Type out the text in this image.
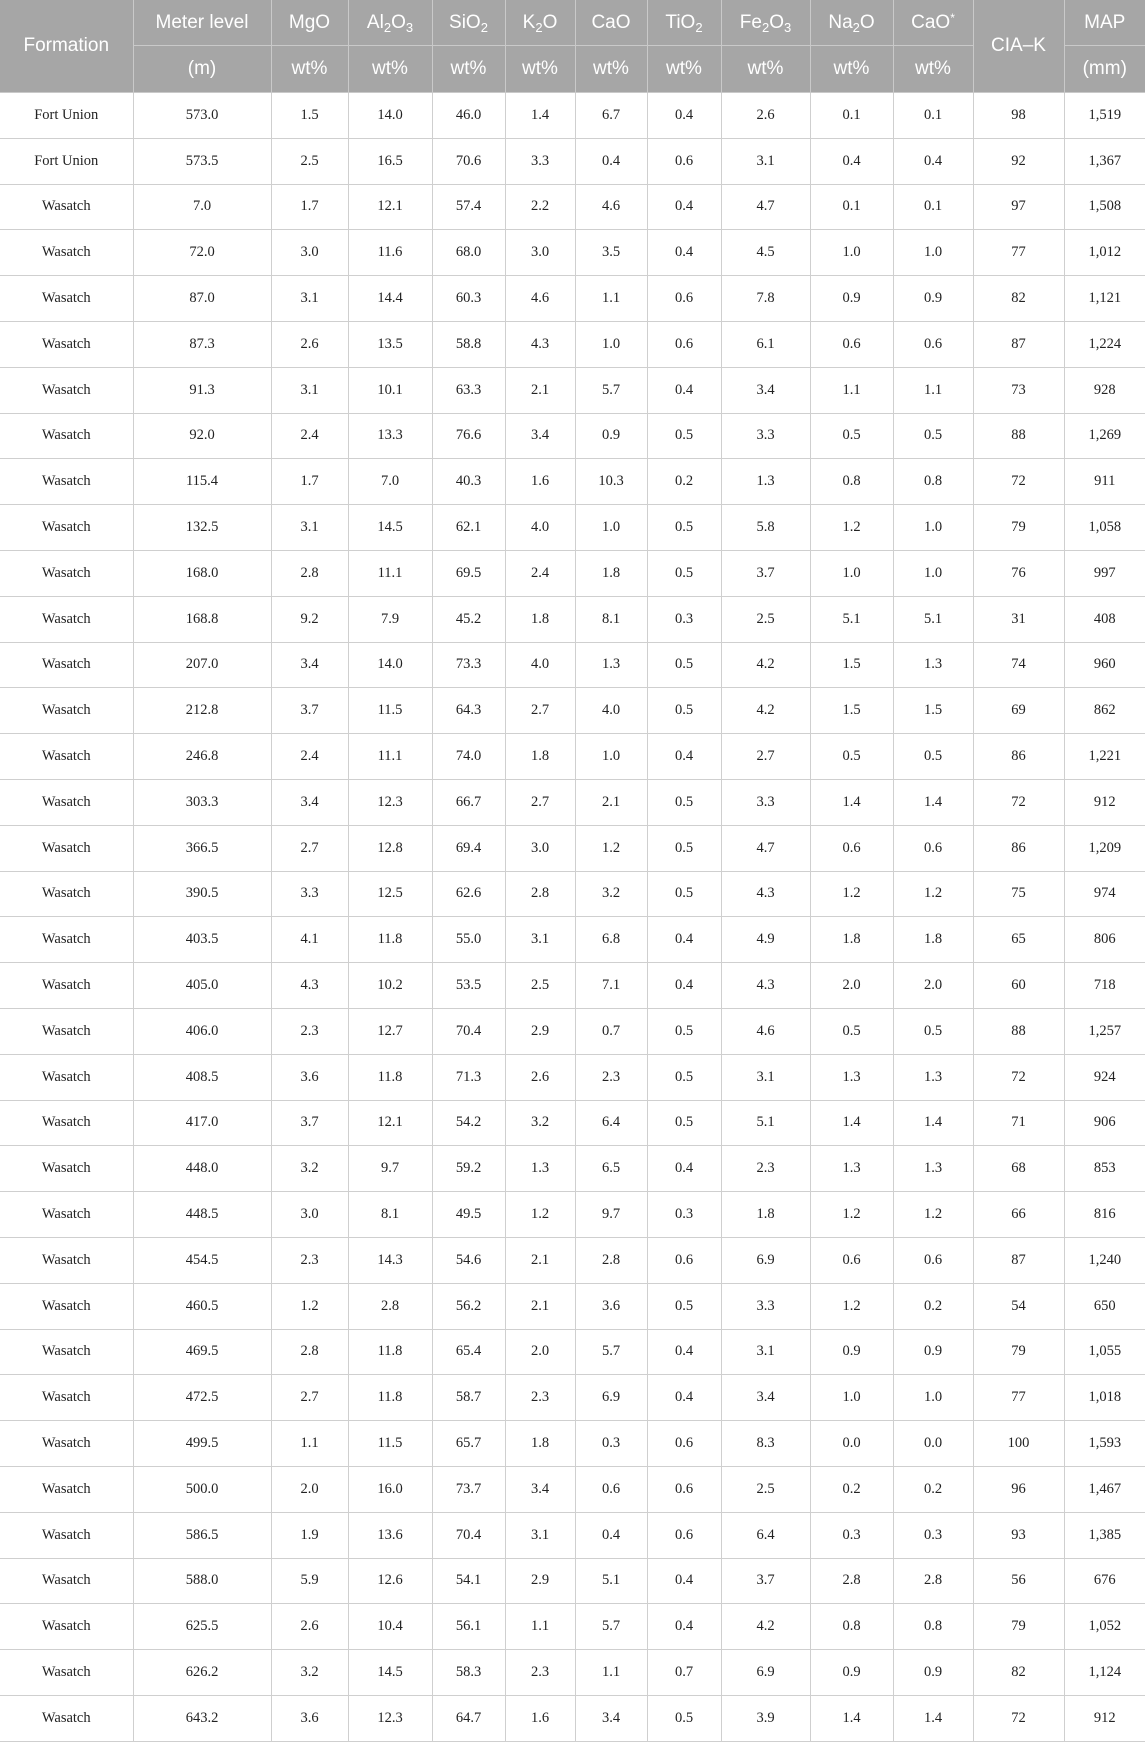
Formation	Meter level	MgO	$Al_2O_3$	SiO$_2$	$K_2O$	CaO	TiO$_2$	$Fe_2O_3$	$Na_2O$	CaO*	CIA–K	MAP
	(m)	wt%	wt%	wt%	wt%	wt%	wt%	wt%	wt%	wt%		(mm)
Fort Union	573.0	1.5	14.0	46.0	1.4	6.7	0.4	2.6	0.1	0.1	98	1,519
Fort Union	573.5	2.5	16.5	70.6	3.3	0.4	0.6	3.1	0.4	0.4	92	1,367
Wasatch	7.0	1.7	12.1	57.4	2.2	4.6	0.4	4.7	0.1	0.1	97	1,508
Wasatch	72.0	3.0	11.6	68.0	3.0	3.5	0.4	4.5	1.0	1.0	77	1,012
Wasatch	87.0	3.1	14.4	60.3	4.6	1.1	0.6	7.8	0.9	0.9	82	1,121
Wasatch	87.3	2.6	13.5	58.8	4.3	1.0	0.6	6.1	0.6	0.6	87	1,224
Wasatch	91.3	3.1	10.1	63.3	2.1	5.7	0.4	3.4	1.1	1.1	73	928
Wasatch	92.0	2.4	13.3	76.6	3.4	0.9	0.5	3.3	0.5	0.5	88	1,269
Wasatch	115.4	1.7	7.0	40.3	1.6	10.3	0.2	1.3	0.8	0.8	72	911
Wasatch	132.5	3.1	14.5	62.1	4.0	1.0	0.5	5.8	1.2	1.0	79	1,058
Wasatch	168.0	2.8	11.1	69.5	2.4	1.8	0.5	3.7	1.0	1.0	76	997
Wasatch	168.8	9.2	7.9	45.2	1.8	8.1	0.3	2.5	5.1	5.1	31	408
Wasatch	207.0	3.4	14.0	73.3	4.0	1.3	0.5	4.2	1.5	1.3	74	960
Wasatch	212.8	3.7	11.5	64.3	2.7	4.0	0.5	4.2	1.5	1.5	69	862
Wasatch	246.8	2.4	11.1	74.0	1.8	1.0	0.4	2.7	0.5	0.5	86	1,221
Wasatch	303.3	3.4	12.3	66.7	2.7	2.1	0.5	3.3	1.4	1.4	72	912
Wasatch	366.5	2.7	12.8	69.4	3.0	1.2	0.5	4.7	0.6	0.6	86	1,209
Wasatch	390.5	3.3	12.5	62.6	2.8	3.2	0.5	4.3	1.2	1.2	75	974
Wasatch	403.5	4.1	11.8	55.0	3.1	6.8	0.4	4.9	1.8	1.8	65	806
Wasatch	405.0	4.3	10.2	53.5	2.5	7.1	0.4	4.3	2.0	2.0	60	718
Wasatch	406.0	2.3	12.7	70.4	2.9	0.7	0.5	4.6	0.5	0.5	88	1,257
Wasatch	408.5	3.6	11.8	71.3	2.6	2.3	0.5	3.1	1.3	1.3	72	924
Wasatch	417.0	3.7	12.1	54.2	3.2	6.4	0.5	5.1	1.4	1.4	71	906
Wasatch	448.0	3.2	9.7	59.2	1.3	6.5	0.4	2.3	1.3	1.3	68	853
Wasatch	448.5	3.0	8.1	49.5	1.2	9.7	0.3	1.8	1.2	1.2	66	816
Wasatch	454.5	2.3	14.3	54.6	2.1	2.8	0.6	6.9	0.6	0.6	87	1,240
Wasatch	460.5	1.2	2.8	56.2	2.1	3.6	0.5	3.3	1.2	0.2	54	650
Wasatch	469.5	2.8	11.8	65.4	2.0	5.7	0.4	3.1	0.9	0.9	79	1,055
Wasatch	472.5	2.7	11.8	58.7	2.3	6.9	0.4	3.4	1.0	1.0	77	1,018
Wasatch	499.5	1.1	11.5	65.7	1.8	0.3	0.6	8.3	0.0	0.0	100	1,593
Wasatch	500.0	2.0	16.0	73.7	3.4	0.6	0.6	2.5	0.2	0.2	96	1,467
Wasatch	586.5	1.9	13.6	70.4	3.1	0.4	0.6	6.4	0.3	0.3	93	1,385
Wasatch	588.0	5.9	12.6	54.1	2.9	5.1	0.4	3.7	2.8	2.8	56	676
Wasatch	625.5	2.6	10.4	56.1	1.1	5.7	0.4	4.2	0.8	0.8	79	1,052
Wasatch	626.2	3.2	14.5	58.3	2.3	1.1	0.7	6.9	0.9	0.9	82	1,124
Wasatch	643.2	3.6	12.3	64.7	1.6	3.4	0.5	3.9	1.4	1.4	72	912
